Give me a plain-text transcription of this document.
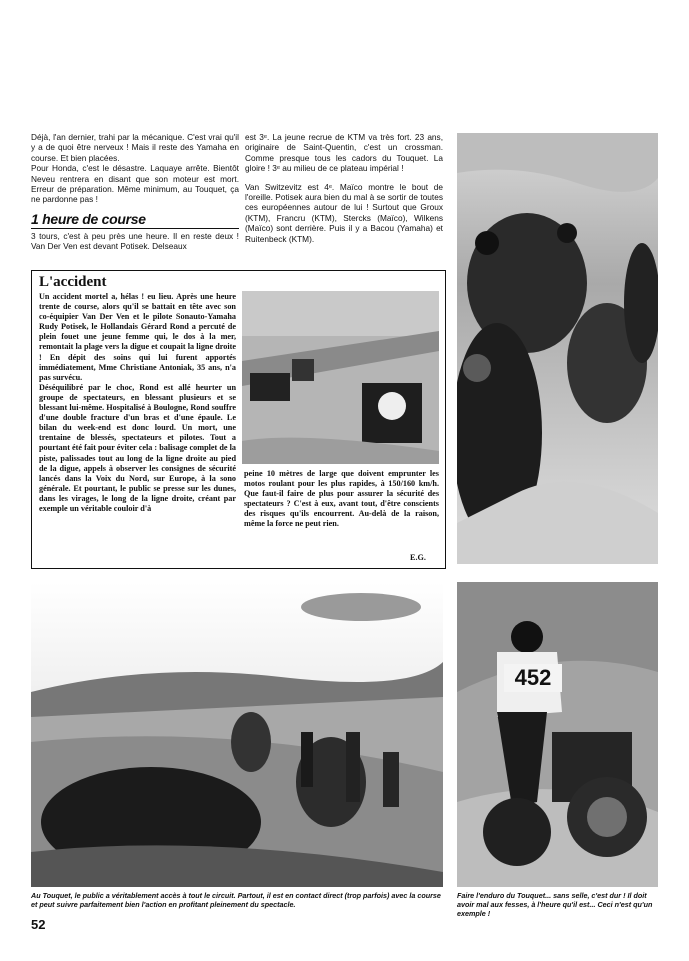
Déjà, l'an dernier, trahi par la mécanique. C'est vrai qu'il y a de quoi être nerveux ! Mais il reste des Yamaha en course. Et bien placées.

Pour Honda, c'est le désastre. Laquaye arrête. Bientôt Neveu rentrera en disant que son moteur est mort. Erreur de préparation. Même minimum, au Touquet, ça ne pardonne pas !

1 heure de course
3 tours, c'est à peu près une heure. Il en reste deux ! Van Der Ven est devant Potisek. Delseaux

est 3ᵉ. La jeune recrue de KTM va très fort. 23 ans, originaire de Saint-Quentin, c'est un crossman. Comme presque tous les cadors du Touquet. La gloire ! 3ᵉ au milieu de ce plateau impérial !

Van Switzevitz est 4ᵉ. Maïco montre le bout de l'oreille. Potisek aura bien du mal à se sortir de toutes ces européennes autour de lui ! Surtout que Groux (KTM), Francru (KTM), Stercks (Maïco), Wilkens (Maïco) sont derrière. Puis il y a Bacou (Yamaha) et Ruitenbeck (KTM).

L'accident

Un accident mortel a, hélas ! eu lieu. Après une heure trente de course, alors qu'il se battait en tête avec son co-équipier Van Der Ven et le pilote Sonauto-Yamaha Rudy Potisek, le Hollandais Gérard Rond a percuté de plein fouet une jeune femme qui, le dos à la mer, remontait la plage vers la digue et coupait la ligne droite ! En dépit des soins qui lui furent apportés immédiatement, Mme Christiane Antoniak, 35 ans, n'a pas survécu.

Déséquilibré par le choc, Rond est allé heurter un groupe de spectateurs, en blessant plusieurs et se blessant lui-même. Hospitalisé à Boulogne, Rond souffre d'une double fracture d'un bras et d'une épaule. Le bilan du week-end est donc lourd. Un mort, une trentaine de blessés, spectateurs et pilotes. Tout a pourtant été fait pour éviter cela : balisage complet de la piste, palissades tout au long de la ligne droite au pied de la digue, appels à observer les consignes de sécurité lancés dans la Voix du Nord, sur Europe, à la sono générale. Et pourtant, le public se presse sur les dunes, dans les virages, le long de la ligne droite, créant par exemple un véritable couloir d'à

peine 10 mètres de large que doivent emprunter les motos roulant pour les plus rapides, à 150/160 km/h. Que faut-il faire de plus pour assurer la sécurité des spectateurs ? C'est à eux, avant tout, d'être conscients des risques qu'ils encourrent. Au-delà de la raison, même la force ne peut rien.
E.G.
452
Au Touquet, le public a véritablement accès à tout le circuit. Partout, il est en contact direct (trop parfois) avec la course et peut suivre parfaitement bien l'action en profitant pleinement du spectacle.
Faire l'enduro du Touquet... sans selle, c'est dur ! Il doit avoir mal aux fesses, à l'heure qu'il est... Ceci n'est qu'un exemple !
52
